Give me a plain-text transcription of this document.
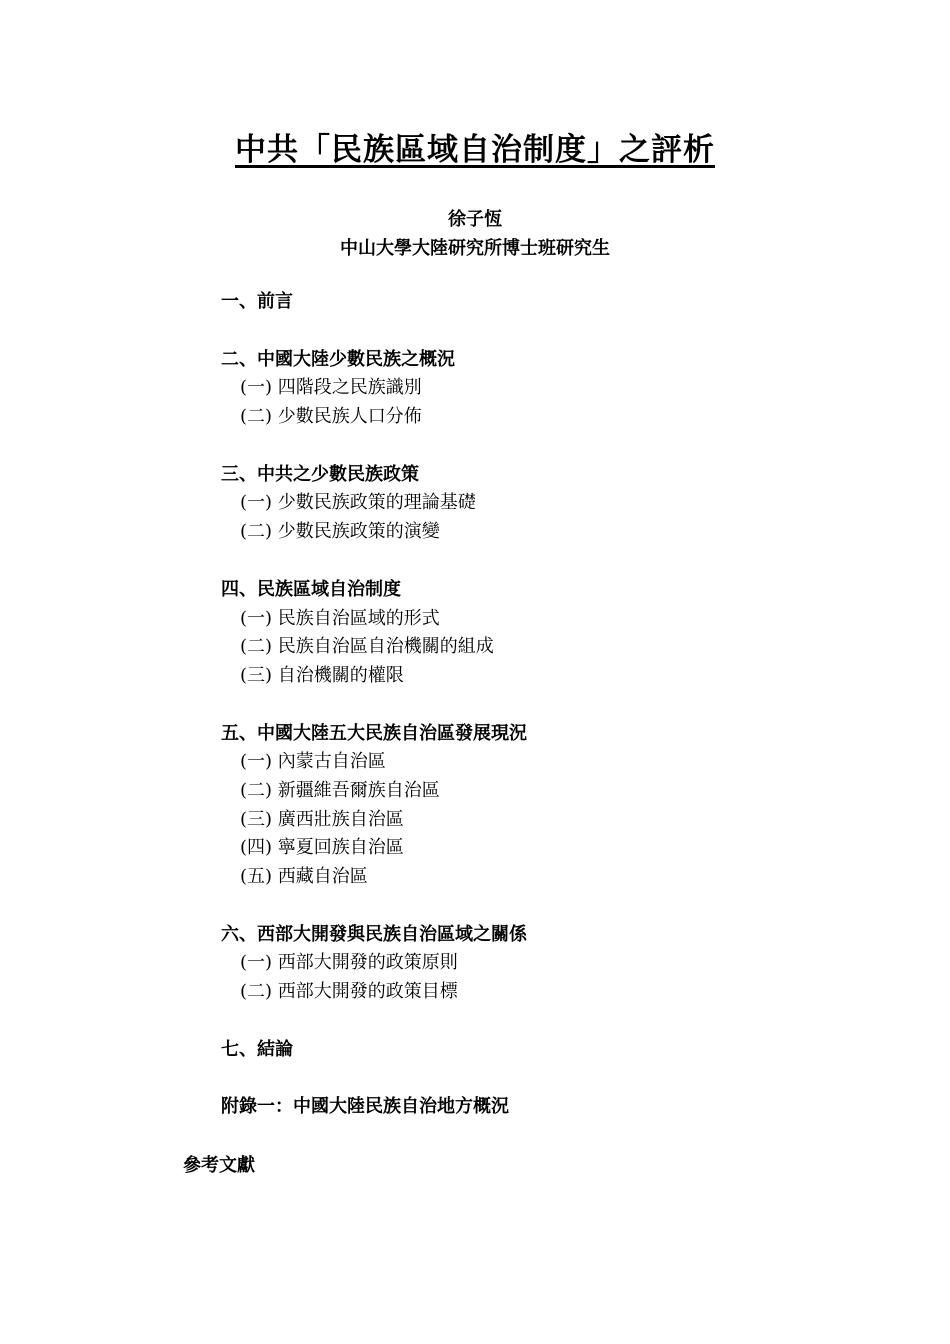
中共「民族區域自治制度」之評析
徐子恆
中山大學大陸研究所博士班研究生
一、前言
二、中國大陸少數民族之概況
(一) 四階段之民族識別
(二) 少數民族人口分佈
三、中共之少數民族政策
(一) 少數民族政策的理論基礎
(二) 少數民族政策的演變
四、民族區域自治制度
(一) 民族自治區域的形式
(二) 民族自治區自治機關的組成
(三) 自治機關的權限
五、中國大陸五大民族自治區發展現況
(一) 內蒙古自治區
(二) 新疆維吾爾族自治區
(三) 廣西壯族自治區
(四) 寧夏回族自治區
(五) 西藏自治區
六、西部大開發與民族自治區域之關係
(一) 西部大開發的政策原則
(二) 西部大開發的政策目標
七、結論
附錄一：中國大陸民族自治地方概況
參考文獻
